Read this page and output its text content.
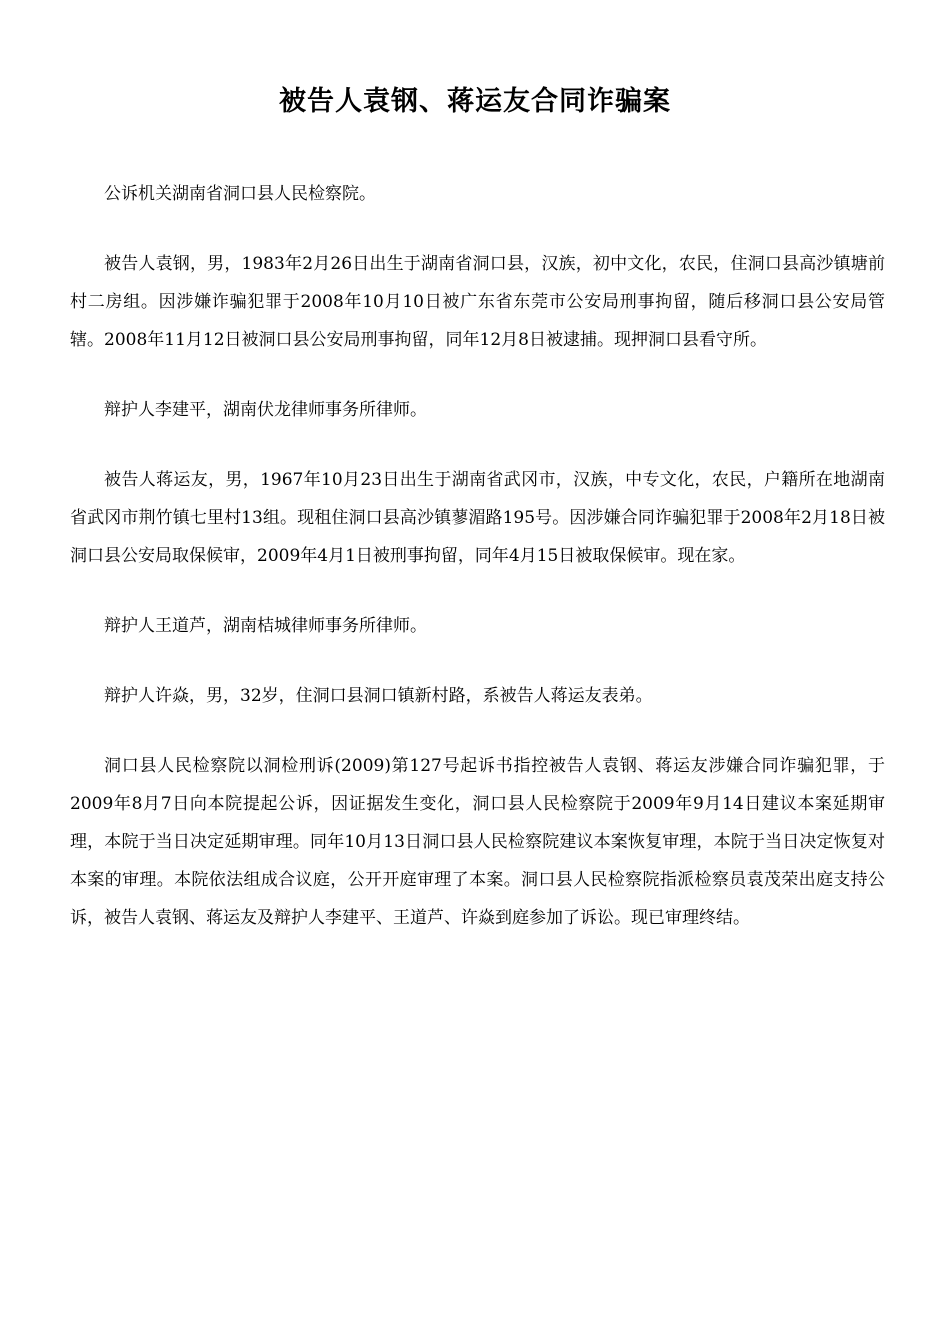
被告人袁钢、蒋运友合同诈骗案

公诉机关湖南省洞口县人民检察院。

被告人袁钢，男，1983年2月26日出生于湖南省洞口县，汉族，初中文化，农民，住洞口县高沙镇塘前村二房组。因涉嫌诈骗犯罪于2008年10月10日被广东省东莞市公安局刑事拘留，随后移洞口县公安局管辖。2008年11月12日被洞口县公安局刑事拘留，同年12月8日被逮捕。现押洞口县看守所。

辩护人李建平，湖南伏龙律师事务所律师。

被告人蒋运友，男，1967年10月23日出生于湖南省武冈市，汉族，中专文化，农民，户籍所在地湖南省武冈市荆竹镇七里村13组。现租住洞口县高沙镇蓼湄路195号。因涉嫌合同诈骗犯罪于2008年2月18日被洞口县公安局取保候审，2009年4月1日被刑事拘留，同年4月15日被取保候审。现在家。

辩护人王道芦，湖南桔城律师事务所律师。

辩护人许焱，男，32岁，住洞口县洞口镇新村路，系被告人蒋运友表弟。

洞口县人民检察院以洞检刑诉(2009)第127号起诉书指控被告人袁钢、蒋运友涉嫌合同诈骗犯罪，于2009年8月7日向本院提起公诉，因证据发生变化，洞口县人民检察院于2009年9月14日建议本案延期审理，本院于当日决定延期审理。同年10月13日洞口县人民检察院建议本案恢复审理，本院于当日决定恢复对本案的审理。本院依法组成合议庭，公开开庭审理了本案。洞口县人民检察院指派检察员袁茂荣出庭支持公诉，被告人袁钢、蒋运友及辩护人李建平、王道芦、许焱到庭参加了诉讼。现已审理终结。
